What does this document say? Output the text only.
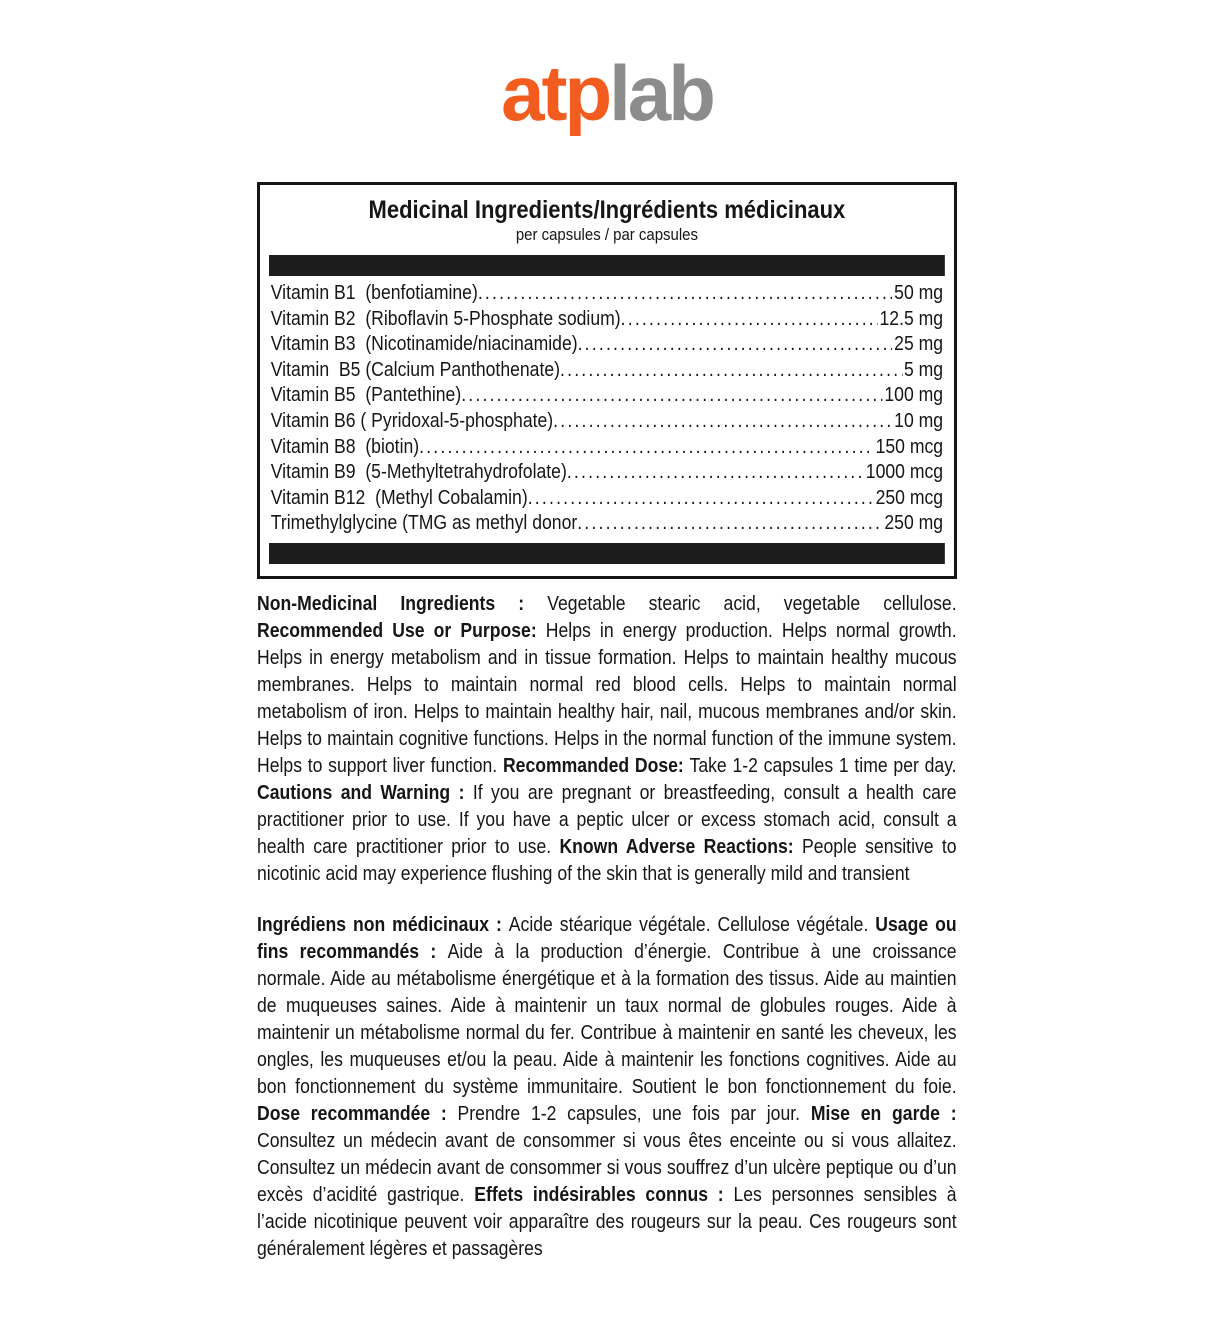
atplab
Medicinal Ingredients/Ingrédients médicinaux
per capsules / par capsules
Vitamin B1  (benfotiamine) .....	50 mg
Vitamin B2  (Riboflavin 5-Phosphate sodium) .....	12.5 mg
Vitamin B3  (Nicotinamide/niacinamide) .....	25 mg
Vitamin  B5 (Calcium Panthothenate) .....	5 mg
Vitamin B5  (Pantethine) .....	100 mg
Vitamin B6 ( Pyridoxal-5-phosphate) .....	10 mg
Vitamin B8  (biotin) .....	150 mcg
Vitamin B9  (5-Methyltetrahydrofolate) .....	1000 mcg
Vitamin B12  (Methyl Cobalamin) .....	250 mcg
Trimethylglycine (TMG as methyl donor .....	250 mg

Non-Medicinal Ingredients : Vegetable stearic acid, vegetable cellulose. Recommended Use or Purpose: Helps in energy production. Helps normal growth. Helps in energy metabolism and in tissue formation. Helps to maintain healthy mucous membranes. Helps to maintain normal red blood cells. Helps to maintain normal metabolism of iron. Helps to maintain healthy hair, nail, mucous membranes and/or skin. Helps to maintain cognitive functions. Helps in the normal function of the immune system. Helps to support liver function. Recommanded Dose: Take 1-2 capsules 1 time per day. Cautions and Warning : If you are pregnant or breastfeeding, consult a health care practitioner prior to use. If you have a peptic ulcer or excess stomach acid, consult a health care practitioner prior to use. Known Adverse Reactions: People sensitive to nicotinic acid may experience flushing of the skin that is generally mild and transient

Ingrédiens non médicinaux : Acide stéarique végétale. Cellulose végétale. Usage ou fins recommandés : Aide à la production d’énergie. Contribue à une croissance normale. Aide au métabolisme énergétique et à la formation des tissus. Aide au maintien de muqueuses saines. Aide à maintenir un taux normal de globules rouges. Aide à maintenir un métabolisme normal du fer. Contribue à maintenir en santé les cheveux, les ongles, les muqueuses et/ou la peau. Aide à maintenir les fonctions cognitives. Aide au bon fonctionnement du système immunitaire. Soutient le bon fonctionnement du foie. Dose recommandée : Prendre 1-2 capsules, une fois par jour. Mise en garde : Consultez un médecin avant de consommer si vous êtes enceinte ou si vous allaitez. Consultez un médecin avant de consommer si vous souffrez d’un ulcère peptique ou d’un excès d’acidité gastrique. Effets indésirables connus : Les personnes sensibles à l’acide nicotinique peuvent voir apparaître des rougeurs sur la peau. Ces rougeurs sont généralement légères et passagères
